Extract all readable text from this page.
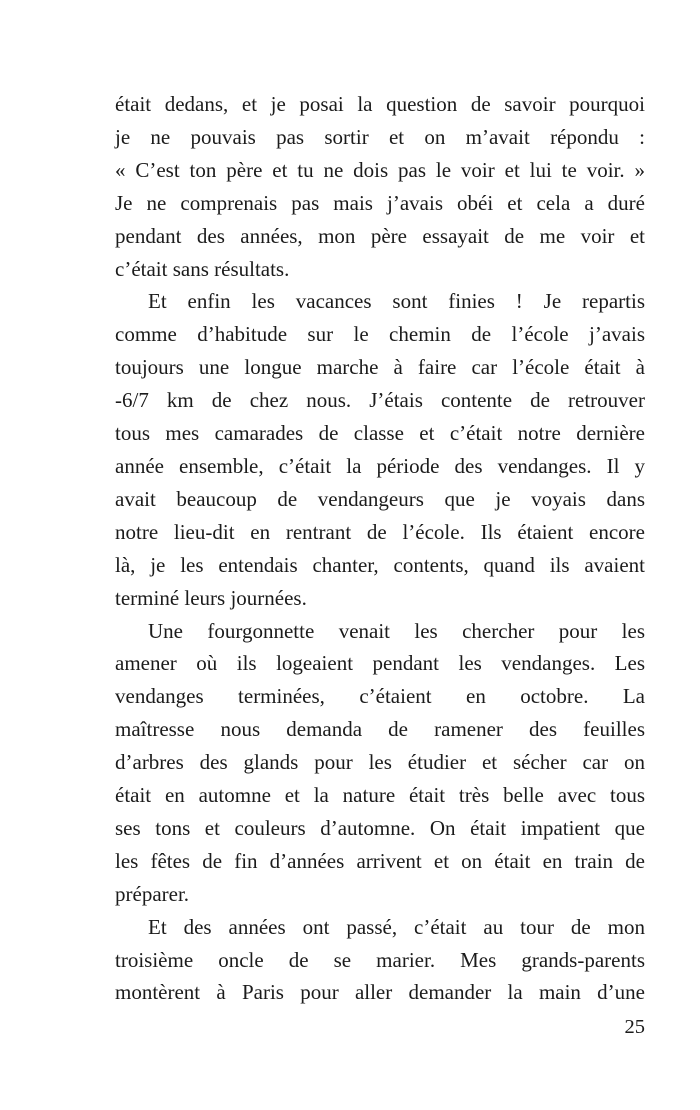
était dedans, et je posai la question de savoir pourquoi
je ne pouvais pas sortir et on m’avait répondu :
« C’est ton père et tu ne dois pas le voir et lui te voir. »
Je ne comprenais pas mais j’avais obéi et cela a duré
pendant des années, mon père essayait de me voir et
c’était sans résultats.
Et enfin les vacances sont finies ! Je repartis
comme d’habitude sur le chemin de l’école j’avais
toujours une longue marche à faire car l’école était à
-6/7 km de chez nous. J’étais contente de retrouver
tous mes camarades de classe et c’était notre dernière
année ensemble, c’était la période des vendanges. Il y
avait beaucoup de vendangeurs que je voyais dans
notre lieu-dit en rentrant de l’école. Ils étaient encore
là, je les entendais chanter, contents, quand ils avaient
terminé leurs journées.
Une fourgonnette venait les chercher pour les
amener où ils logeaient pendant les vendanges. Les
vendanges terminées, c’étaient en octobre. La
maîtresse nous demanda de ramener des feuilles
d’arbres des glands pour les étudier et sécher car on
était en automne et la nature était très belle avec tous
ses tons et couleurs d’automne. On était impatient que
les fêtes de fin d’années arrivent et on était en train de
préparer.
Et des années ont passé, c’était au tour de mon
troisième oncle de se marier. Mes grands-parents
montèrent à Paris pour aller demander la main d’une
25
